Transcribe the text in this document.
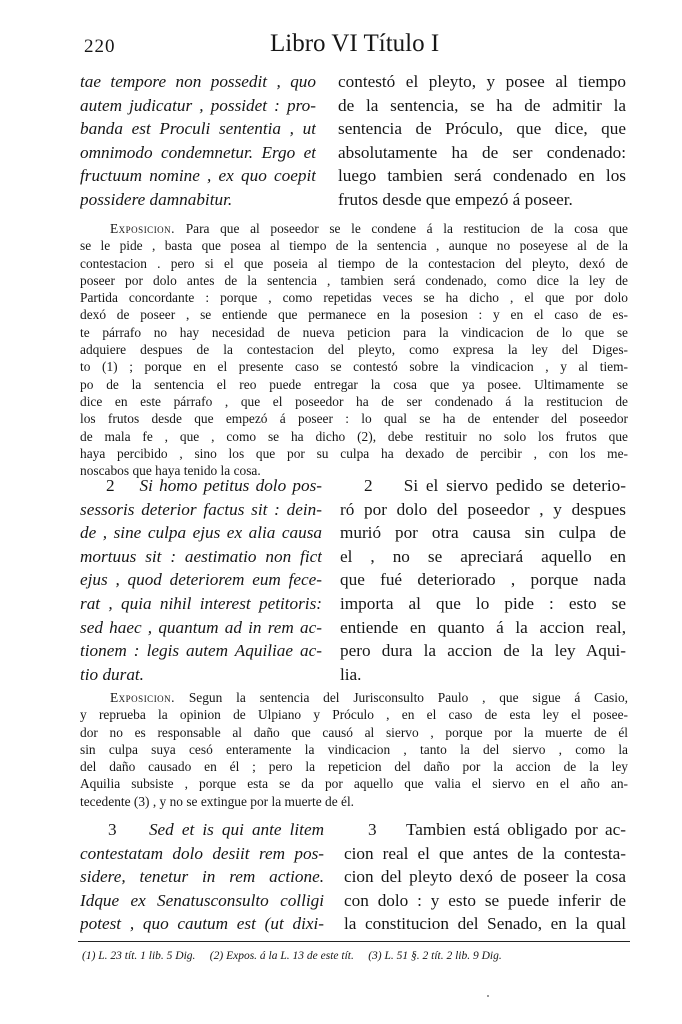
220	Libro VI Título I
tae tempore non possedit , quo
autem judicatur , possidet : pro-
banda est Proculi sententia , ut
omnimodo condemnetur. Ergo et
fructuum nomine , ex quo coepit
possidere damnabitur.
contestó el pleyto, y posee al tiempo
de la sentencia, se ha de admitir la
sentencia de Próculo, que dice, que
absolutamente ha de ser condenado:
luego tambien será condenado en los
frutos desde que empezó á poseer.
Exposicion. Para que al poseedor se le condene á la restitucion de la cosa que
se le pide , basta que posea al tiempo de la sentencia , aunque no poseyese al de la
contestacion . pero si el que poseia al tiempo de la contestacion del pleyto, dexó de
poseer por dolo antes de la sentencia , tambien será condenado, como dice la ley de
Partida concordante : porque , como repetidas veces se ha dicho , el que por dolo
dexó de poseer , se entiende que permanece en la posesion : y en el caso de es-
te párrafo no hay necesidad de nueva peticion para la vindicacion de lo que se
adquiere despues de la contestacion del pleyto, como expresa la ley del Diges-
to (1) ; porque en el presente caso se contestó sobre la vindicacion , y al tiem-
po de la sentencia el reo puede entregar la cosa que ya posee. Ultimamente se
dice en este párrafo , que el poseedor ha de ser condenado á la restitucion de
los frutos desde que empezó á poseer : lo qual se ha de entender del poseedor
de mala fe , que , como se ha dicho (2), debe restituir no solo los frutos que
haya percibido , sino los que por su culpa ha dexado de percibir , con los me-
noscabos que haya tenido la cosa.
2 Si homo petitus dolo pos-
sessoris deterior factus sit : dein-
de , sine culpa ejus ex alia causa
mortuus sit : aestimatio non fict
ejus , quod deteriorem eum fece-
rat , quia nihil interest petitoris:
sed haec , quantum ad in rem ac-
tionem : legis autem Aquiliae ac-
tio durat.
2 Si el siervo pedido se deterio-
ró por dolo del poseedor , y despues
murió por otra causa sin culpa de
el , no se apreciará aquello en
que fué deteriorado , porque nada
importa al que lo pide : esto se
entiende en quanto á la accion real,
pero dura la accion de la ley Aqui-
lia.
Exposicion. Segun la sentencia del Jurisconsulto Paulo , que sigue á Casio,
y reprueba la opinion de Ulpiano y Próculo , en el caso de esta ley el posee-
dor no es responsable al daño que causó al siervo , porque por la muerte de él
sin culpa suya cesó enteramente la vindicacion , tanto la del siervo , como la
del daño causado en él ; pero la repeticion del daño por la accion de la ley
Aquilia subsiste , porque esta se da por aquello que valia el siervo en el año an-
tecedente (3) , y no se extingue por la muerte de él.
3 Sed et is qui ante litem
contestatam dolo desiit rem pos-
sidere, tenetur in rem actione.
Idque ex Senatusconsulto colligi
potest , quo cautum est (ut dixi-
3 Tambien está obligado por ac-
cion real el que antes de la contesta-
cion del pleyto dexó de poseer la cosa
con dolo : y esto se puede inferir de
la constitucion del Senado, en la qual
(1) L. 23 tít. 1 lib. 5 Dig. (2) Expos. á la L. 13 de este tít. (3) L. 51 §. 2 tít. 2 lib. 9 Dig.
